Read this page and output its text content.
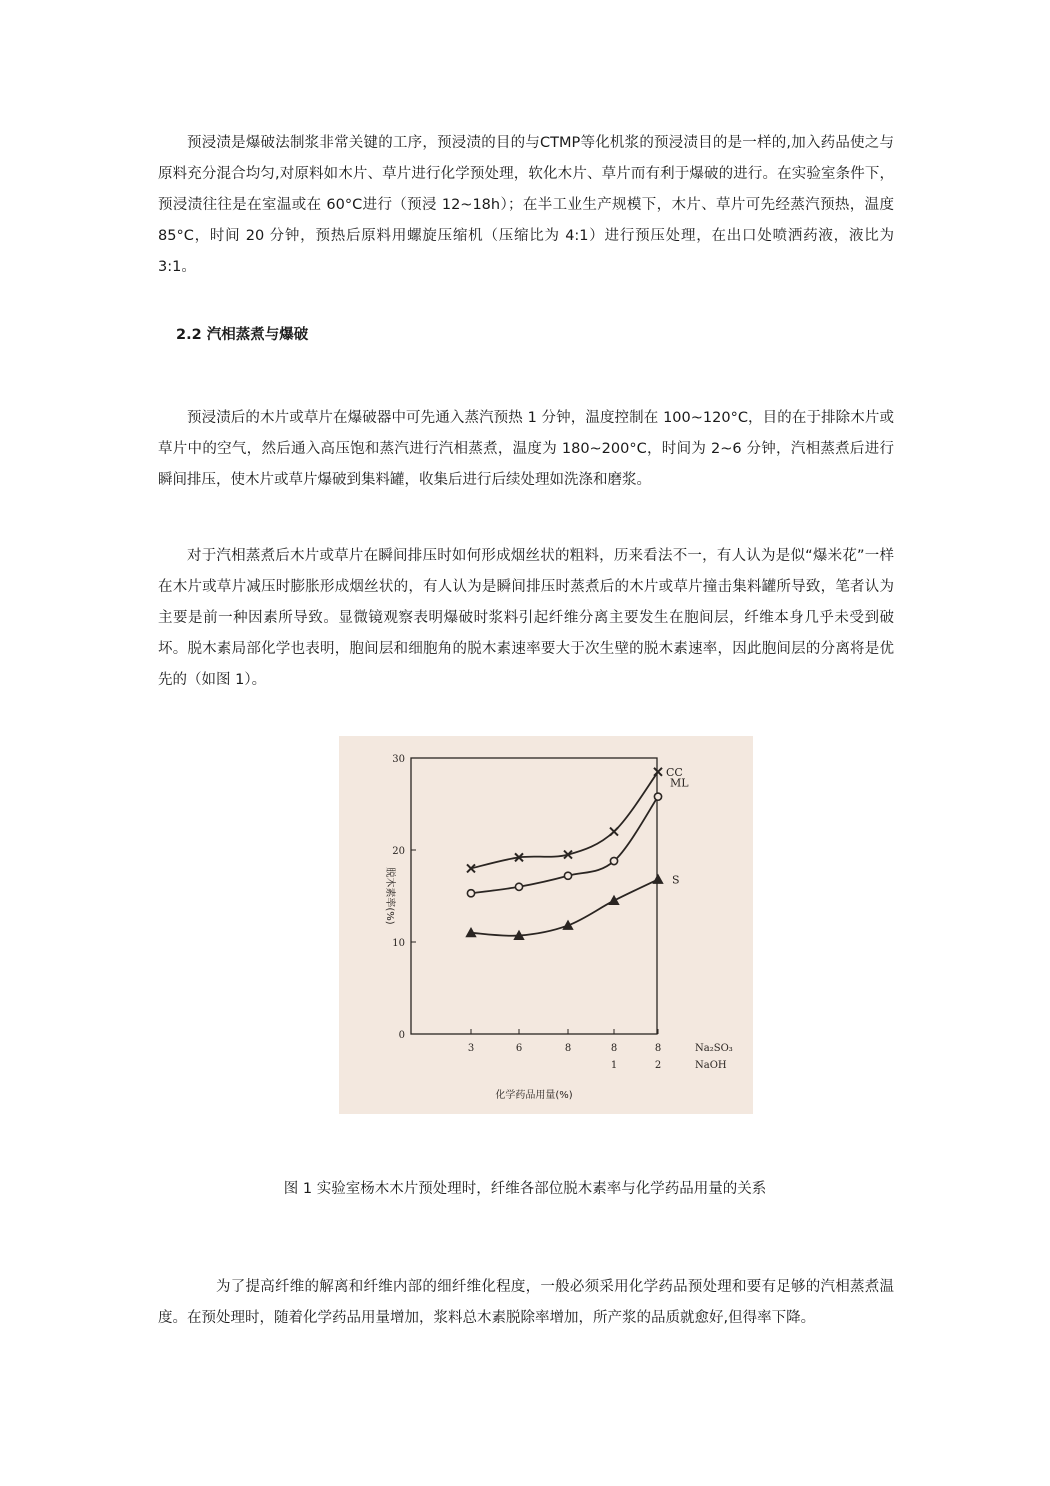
预浸渍是爆破法制浆非常关键的工序，预浸渍的目的与CTMP等化机浆的预浸渍目的是一样的,加入药品使之与原料充分混合均匀,对原料如木片、草片进行化学预处理，软化木片、草片而有利于爆破的进行。在实验室条件下，预浸渍往往是在室温或在 60°C进行（预浸 12~18h）；在半工业生产规模下，木片、草片可先经蒸汽预热，温度 85°C，时间 20 分钟，预热后原料用螺旋压缩机（压缩比为 4:1）进行预压处理，在出口处喷洒药液，液比为 3:1。

2.2 汽相蒸煮与爆破

预浸渍后的木片或草片在爆破器中可先通入蒸汽预热 1 分钟，温度控制在 100~120°C，目的在于排除木片或草片中的空气，然后通入高压饱和蒸汽进行汽相蒸煮，温度为 180~200°C，时间为 2~6 分钟，汽相蒸煮后进行瞬间排压，使木片或草片爆破到集料罐，收集后进行后续处理如洗涤和磨浆。

对于汽相蒸煮后木片或草片在瞬间排压时如何形成烟丝状的粗料，历来看法不一，有人认为是似“爆米花”一样在木片或草片减压时膨胀形成烟丝状的，有人认为是瞬间排压时蒸煮后的木片或草片撞击集料罐所导致，笔者认为主要是前一种因素所导致。显微镜观察表明爆破时浆料引起纤维分离主要发生在胞间层，纤维本身几乎未受到破坏。脱木素局部化学也表明，胞间层和细胞角的脱木素速率要大于次生壁的脱木素速率，因此胞间层的分离将是优先的（如图 1）。

0
10
20
30
3	6	8	8	8	Na₂SO₃
1	2	NaOH
化学药品用量(%)
脱木素率(%)
CC
ML
S

图 1 实验室杨木木片预处理时，纤维各部位脱木素率与化学药品用量的关系

为了提高纤维的解离和纤维内部的细纤维化程度，一般必须采用化学药品预处理和要有足够的汽相蒸煮温度。在预处理时，随着化学药品用量增加，浆料总木素脱除率增加，所产浆的品质就愈好,但得率下降。
